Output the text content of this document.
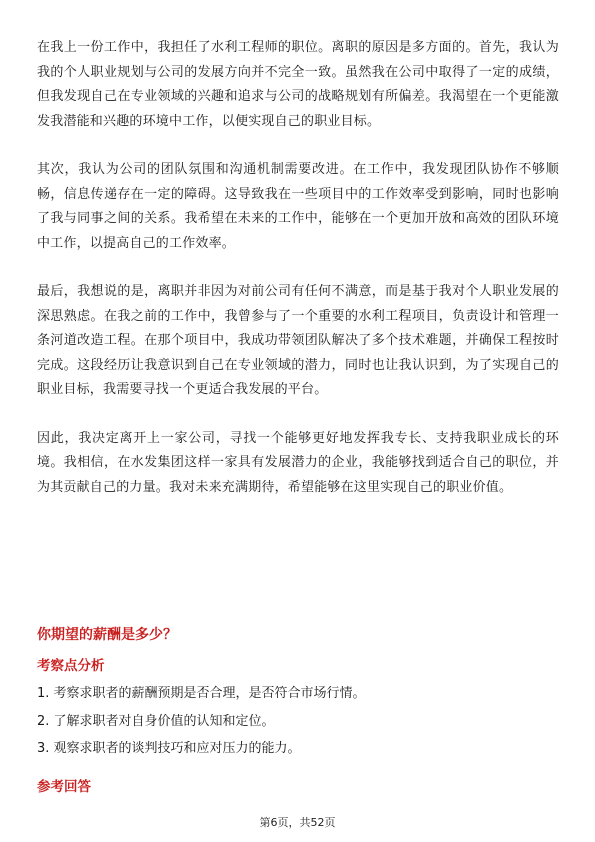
在我上一份工作中，我担任了水利工程师的职位。离职的原因是多方面的。首先，我认为我的个人职业规划与公司的发展方向并不完全一致。虽然我在公司中取得了一定的成绩，但我发现自己在专业领域的兴趣和追求与公司的战略规划有所偏差。我渴望在一个更能激发我潜能和兴趣的环境中工作，以便实现自己的职业目标。

其次，我认为公司的团队氛围和沟通机制需要改进。在工作中，我发现团队协作不够顺畅，信息传递存在一定的障碍。这导致我在一些项目中的工作效率受到影响，同时也影响了我与同事之间的关系。我希望在未来的工作中，能够在一个更加开放和高效的团队环境中工作，以提高自己的工作效率。

最后，我想说的是，离职并非因为对前公司有任何不满意，而是基于我对个人职业发展的深思熟虑。在我之前的工作中，我曾参与了一个重要的水利工程项目，负责设计和管理一条河道改造工程。在那个项目中，我成功带领团队解决了多个技术难题，并确保工程按时完成。这段经历让我意识到自己在专业领域的潜力，同时也让我认识到，为了实现自己的职业目标，我需要寻找一个更适合我发展的平台。

因此，我决定离开上一家公司，寻找一个能够更好地发挥我专长、支持我职业成长的环境。我相信，在水发集团这样一家具有发展潜力的企业，我能够找到适合自己的职位，并为其贡献自己的力量。我对未来充满期待，希望能够在这里实现自己的职业价值。

你期望的薪酬是多少？
考察点分析
1. 考察求职者的薪酬预期是否合理，是否符合市场行情。
2. 了解求职者对自身价值的认知和定位。
3. 观察求职者的谈判技巧和应对压力的能力。
参考回答
第6页，共52页
